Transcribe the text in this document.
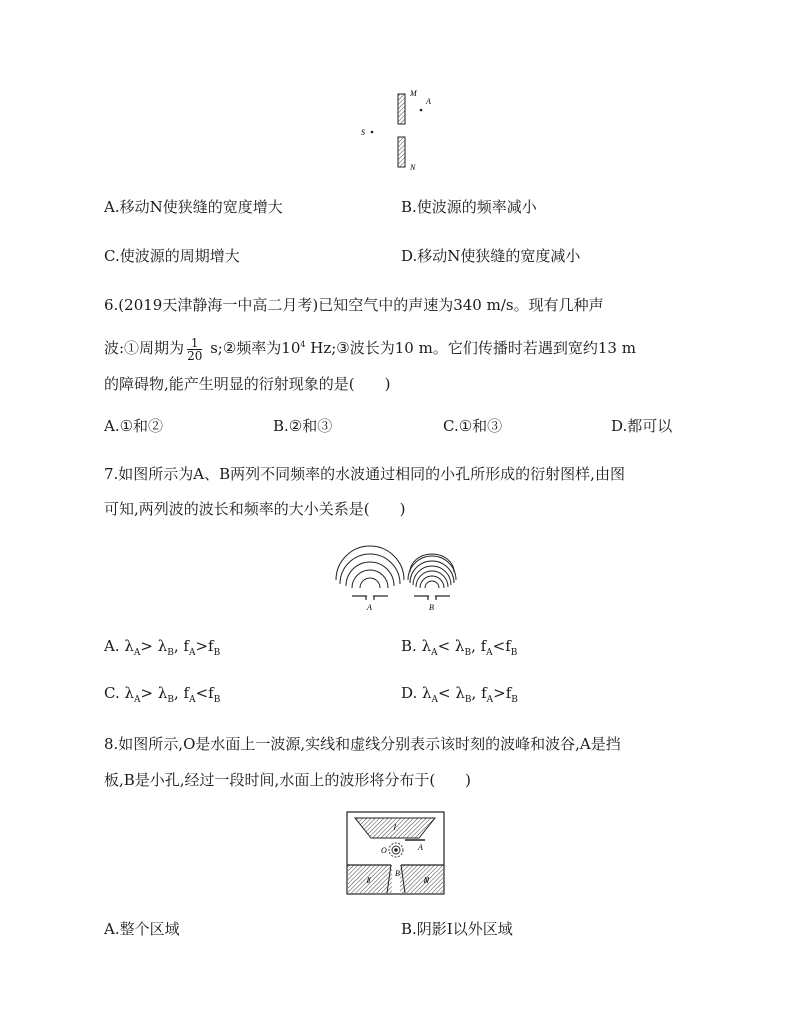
M
A
S
N
A.移动N使狭缝的宽度增大	B.使波源的频率减小
C.使波源的周期增大	D.移动N使狭缝的宽度减小
6.(2019天津静海一中高二月考)已知空气中的声速为340 m/s。现有几种声
波:①周期为 $\frac{1}{20}$ s;②频率为$10^4$ Hz;③波长为10 m。它们传播时若遇到宽约13 m
的障碍物,能产生明显的衍射现象的是(　　)
A.①和②	B.②和③	C.①和③	D.都可以
7.如图所示为A、B两列不同频率的水波通过相同的小孔所形成的衍射图样,由图
可知,两列波的波长和频率的大小关系是(　　)
A	B
A. $\lambda_A> \lambda_B$, $f_A>f_B$	B. $\lambda_A< \lambda_B$, $f_A<f_B$
C. $\lambda_A> \lambda_B$, $f_A<f_B$	D. $\lambda_A< \lambda_B$, $f_A>f_B$
8.如图所示,O是水面上一波源,实线和虚线分别表示该时刻的波峰和波谷,A是挡
板,B是小孔,经过一段时间,水面上的波形将分布于(　　)
Ⅰ
A
O
Ⅱ
B
Ⅲ
A.整个区域	B.阴影Ⅰ以外区域
